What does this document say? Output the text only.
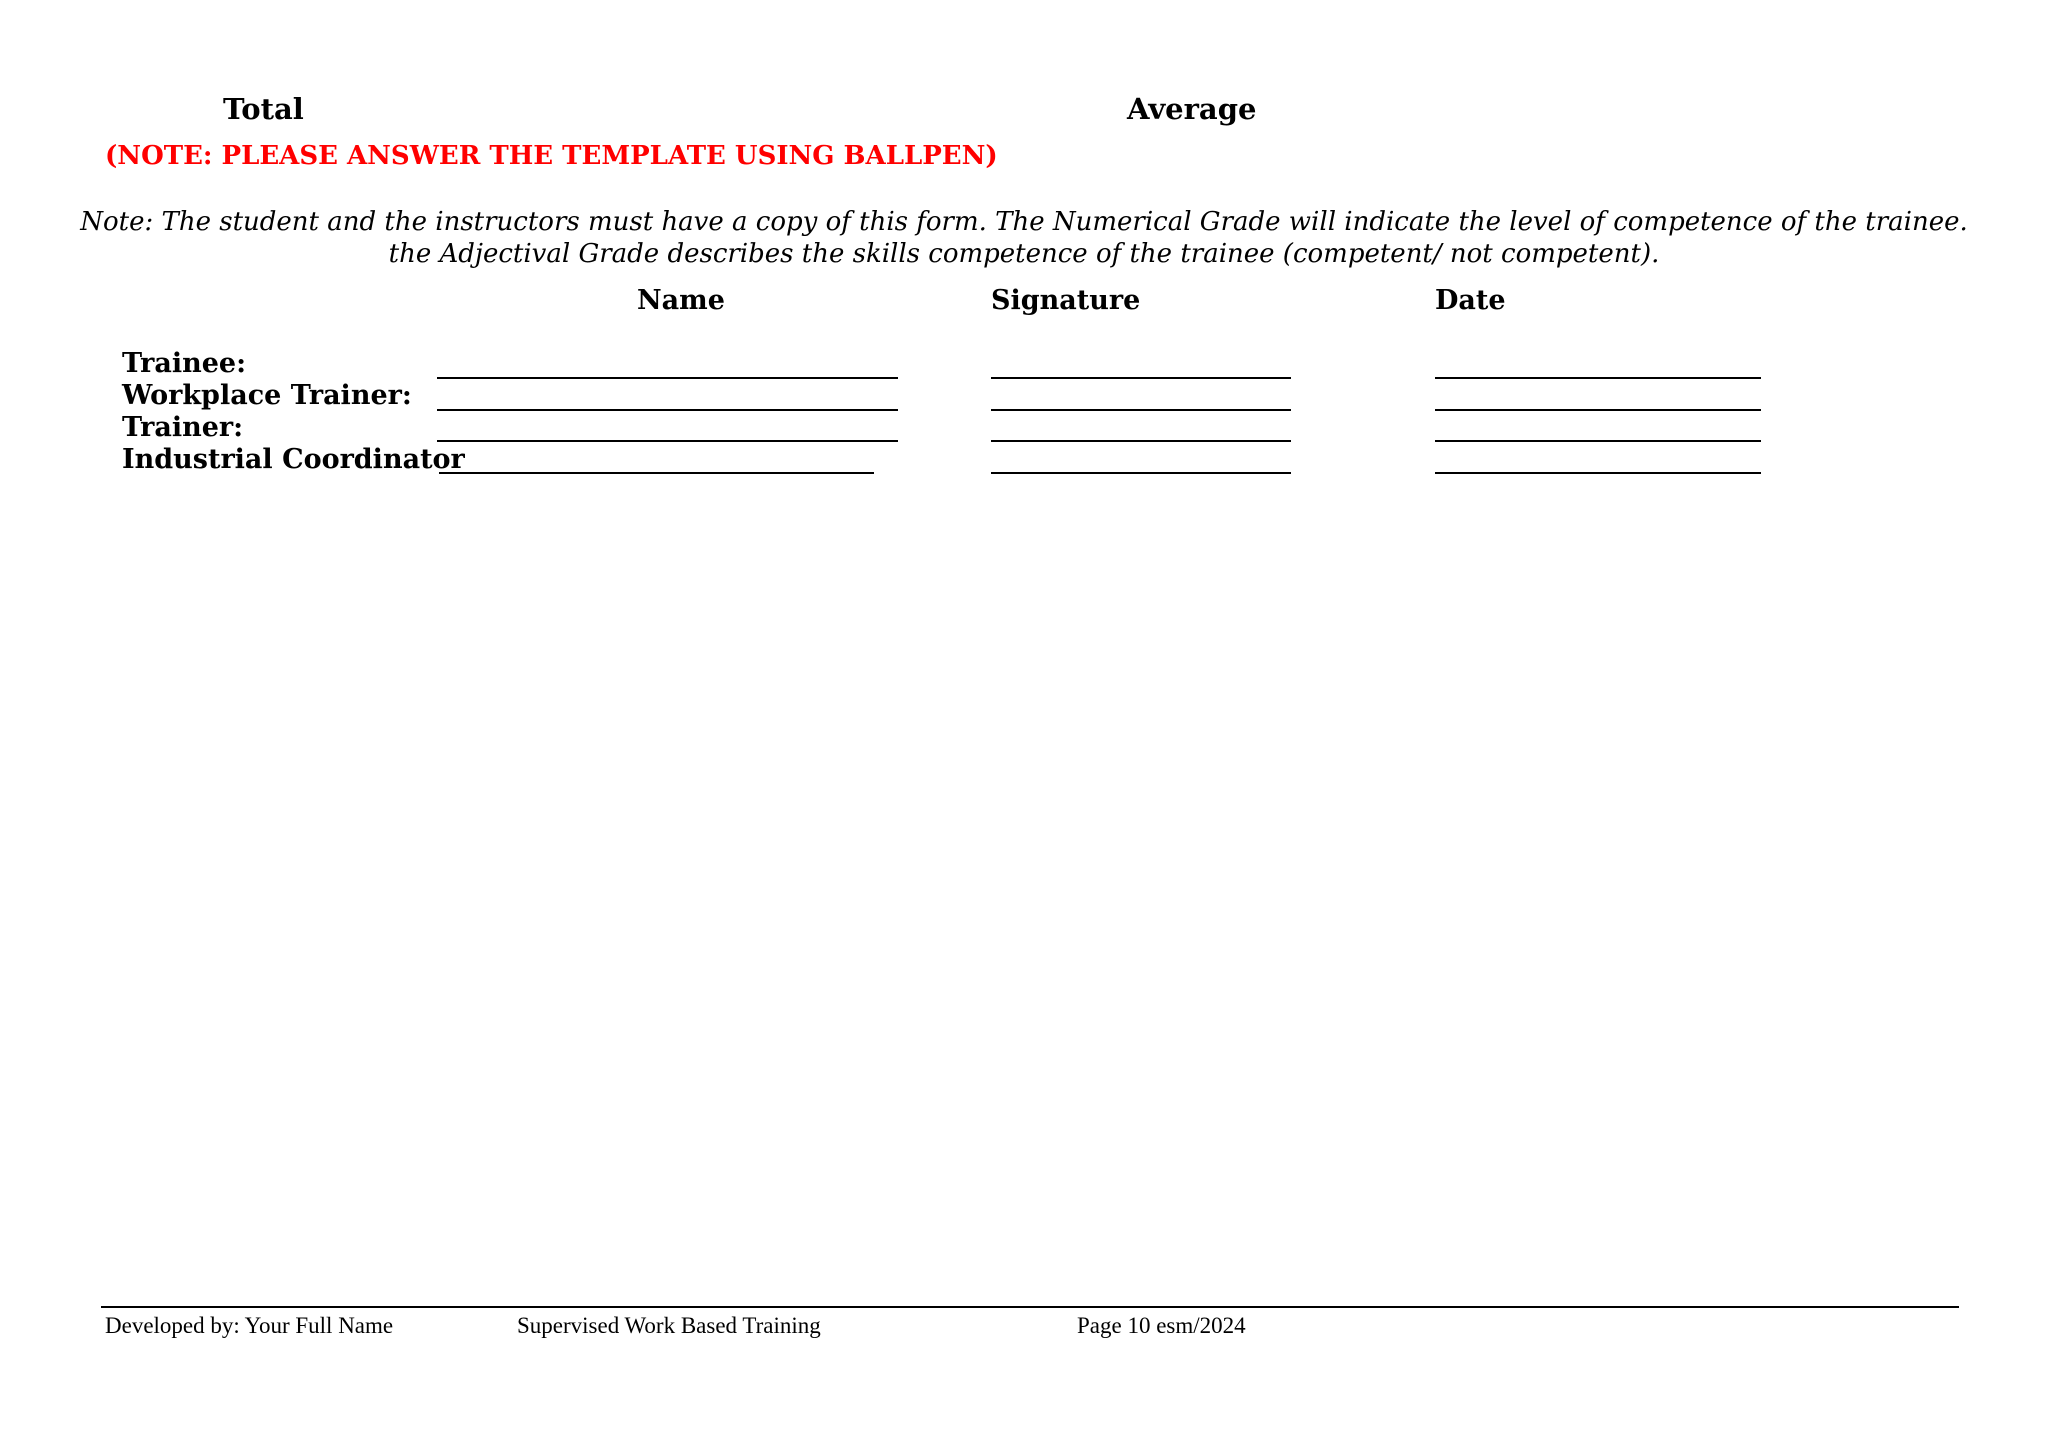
Total	Average
(NOTE: PLEASE ANSWER THE TEMPLATE USING BALLPEN)
Note: The student and the instructors must have a copy of this form. The Numerical Grade will indicate the level of competence of the trainee.
the Adjectival Grade describes the skills competence of the trainee (competent/ not competent).
Name	Signature	Date
Trainee:
Workplace Trainer:
Trainer:
Industrial Coordinator
Developed by: Your Full Name	Supervised Work Based Training	Page 10 esm/2024
